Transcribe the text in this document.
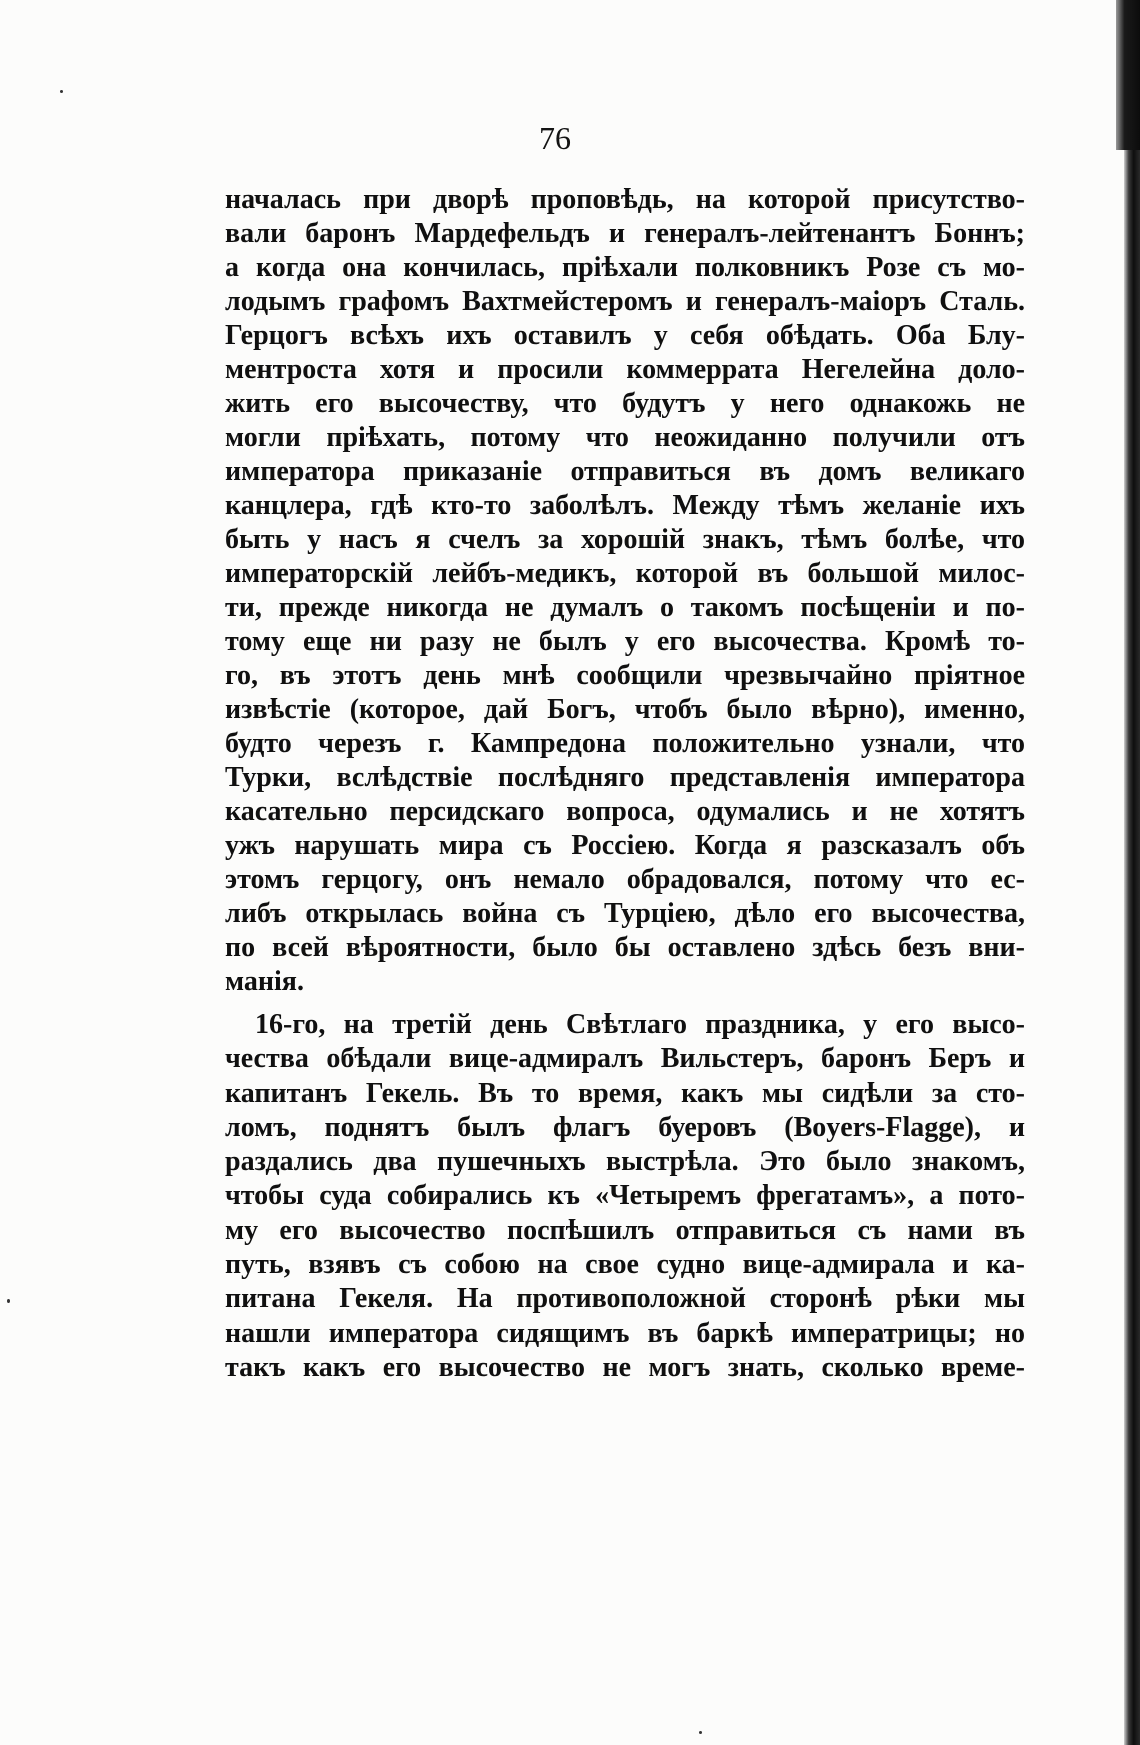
76
началась при дворѣ проповѣдь, на которой присутство-
вали баронъ Мардефельдъ и генералъ-лейтенантъ Боннъ;
а когда она кончилась, пріѣхали полковникъ Розе съ мо-
лодымъ графомъ Вахтмейстеромъ и генералъ-маіоръ Сталь.
Герцогъ всѣхъ ихъ оставилъ у себя обѣдать. Оба Блу-
ментроста хотя и просили коммеррата Негелейна доло-
жить его высочеству, что будутъ у него однакожь не
могли пріѣхать, потому что неожиданно получили отъ
императора приказаніе отправиться въ домъ великаго
канцлера, гдѣ кто-то заболѣлъ. Между тѣмъ желаніе ихъ
быть у насъ я счелъ за хорошій знакъ, тѣмъ болѣе, что
императорскій лейбъ-медикъ, которой въ большой милос-
ти, прежде никогда не думалъ о такомъ посѣщеніи и по-
тому еще ни разу не былъ у его высочества. Кромѣ то-
го, въ этотъ день мнѣ сообщили чрезвычайно пріятное
извѣстіе (которое, дай Богъ, чтобъ было вѣрно), именно,
будто черезъ г. Кампредона положительно узнали, что
Турки, вслѣдствіе послѣдняго представленія императора
касательно персидскаго вопроса, одумались и не хотятъ
ужъ нарушать мира съ Россіею. Когда я разсказалъ объ
этомъ герцогу, онъ немало обрадовался, потому что ес-
либъ открылась война съ Турціею, дѣло его высочества,
по всей вѣроятности, было бы оставлено здѣсь безъ вни-
манія.
16-го, на третій день Свѣтлаго праздника, у его высо-
чества обѣдали вице-адмиралъ Вильстеръ, баронъ Беръ и
капитанъ Гекель. Въ то время, какъ мы сидѣли за сто-
ломъ, поднятъ былъ флагъ буеровъ (Boyers-Flagge), и
раздались два пушечныхъ выстрѣла. Это было знакомъ,
чтобы суда собирались къ «Четыремъ фрегатамъ», а пото-
му его высочество поспѣшилъ отправиться съ нами въ
путь, взявъ съ собою на свое судно вице-адмирала и ка-
питана Гекеля. На противоположной сторонѣ рѣки мы
нашли императора сидящимъ въ баркѣ императрицы; но
такъ какъ его высочество не могъ знать, сколько време-
